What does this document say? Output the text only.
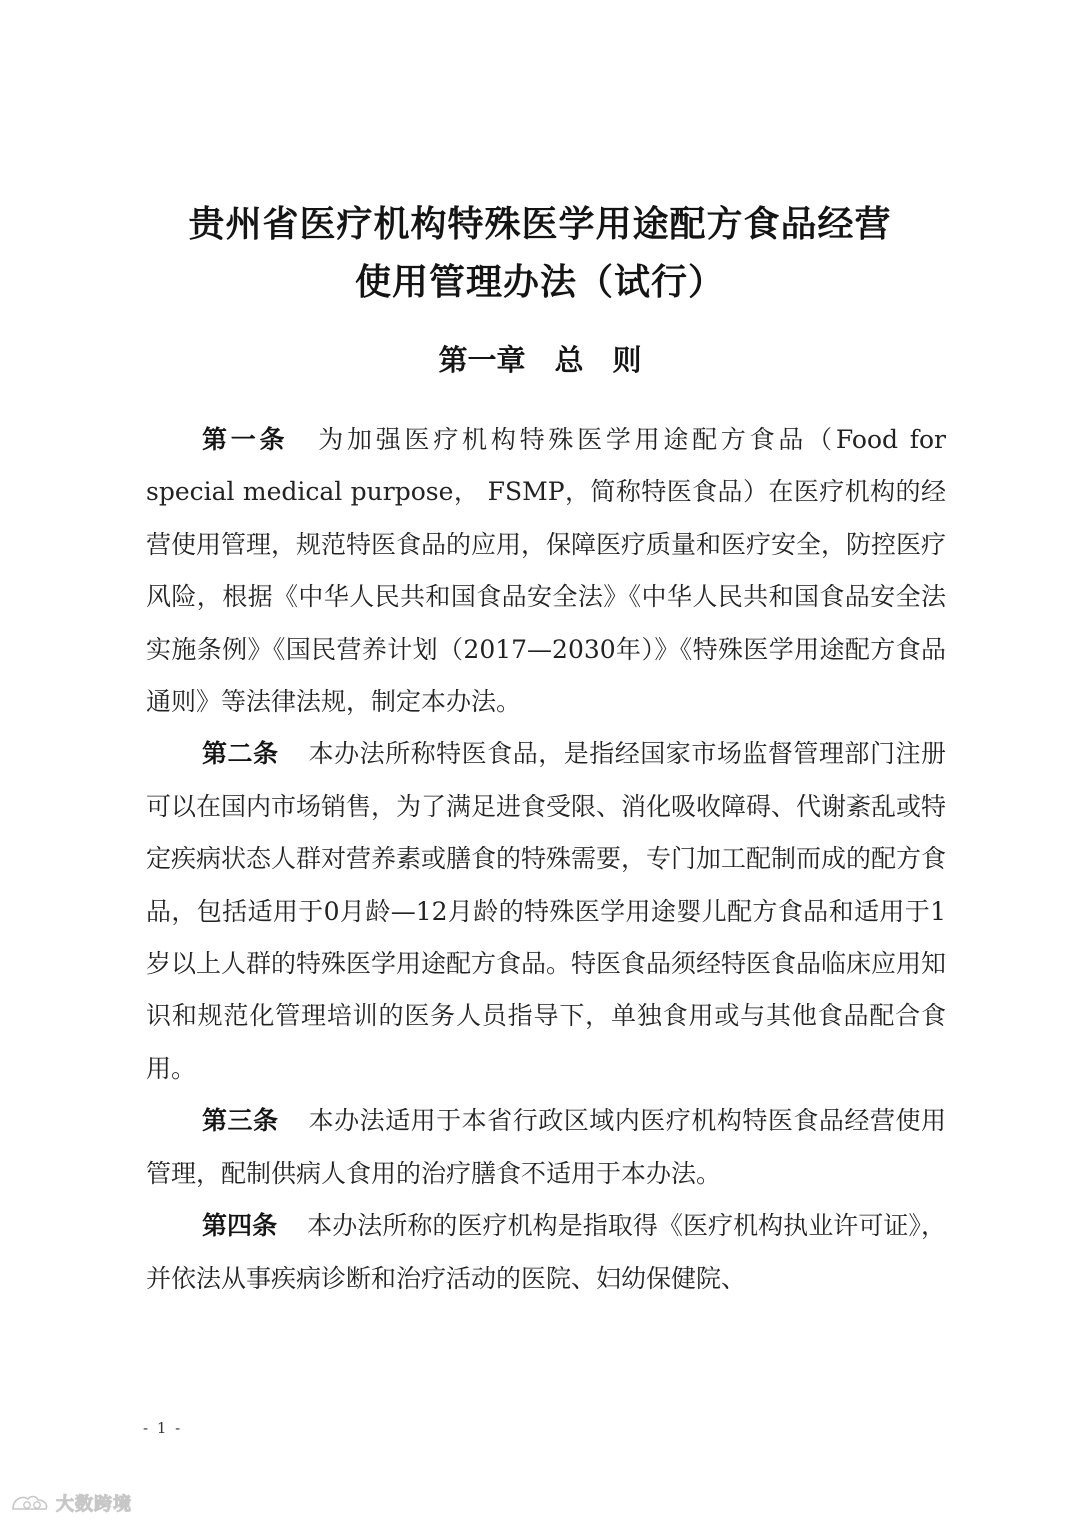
贵州省医疗机构特殊医学用途配方食品经营
使用管理办法（试行）
第一章　总　则

第一条 为加强医疗机构特殊医学用途配方食品（Food for special medical purpose， FSMP，简称特医食品）在医疗机构的经营使用管理，规范特医食品的应用，保障医疗质量和医疗安全，防控医疗风险，根据《中华人民共和国食品安全法》《中华人民共和国食品安全法实施条例》《国民营养计划（2017—2030年）》《特殊医学用途配方食品通则》等法律法规，制定本办法。

第二条 本办法所称特医食品，是指经国家市场监督管理部门注册可以在国内市场销售，为了满足进食受限、消化吸收障碍、代谢紊乱或特定疾病状态人群对营养素或膳食的特殊需要，专门加工配制而成的配方食品，包括适用于0月龄—12月龄的特殊医学用途婴儿配方食品和适用于1岁以上人群的特殊医学用途配方食品。特医食品须经特医食品临床应用知识和规范化管理培训的医务人员指导下，单独食用或与其他食品配合食用。

第三条 本办法适用于本省行政区域内医疗机构特医食品经营使用管理，配制供病人食用的治疗膳食不适用于本办法。

第四条 本办法所称的医疗机构是指取得《医疗机构执业许可证》，并依法从事疾病诊断和治疗活动的医院、妇幼保健院、

- 1 -
大数跨境
